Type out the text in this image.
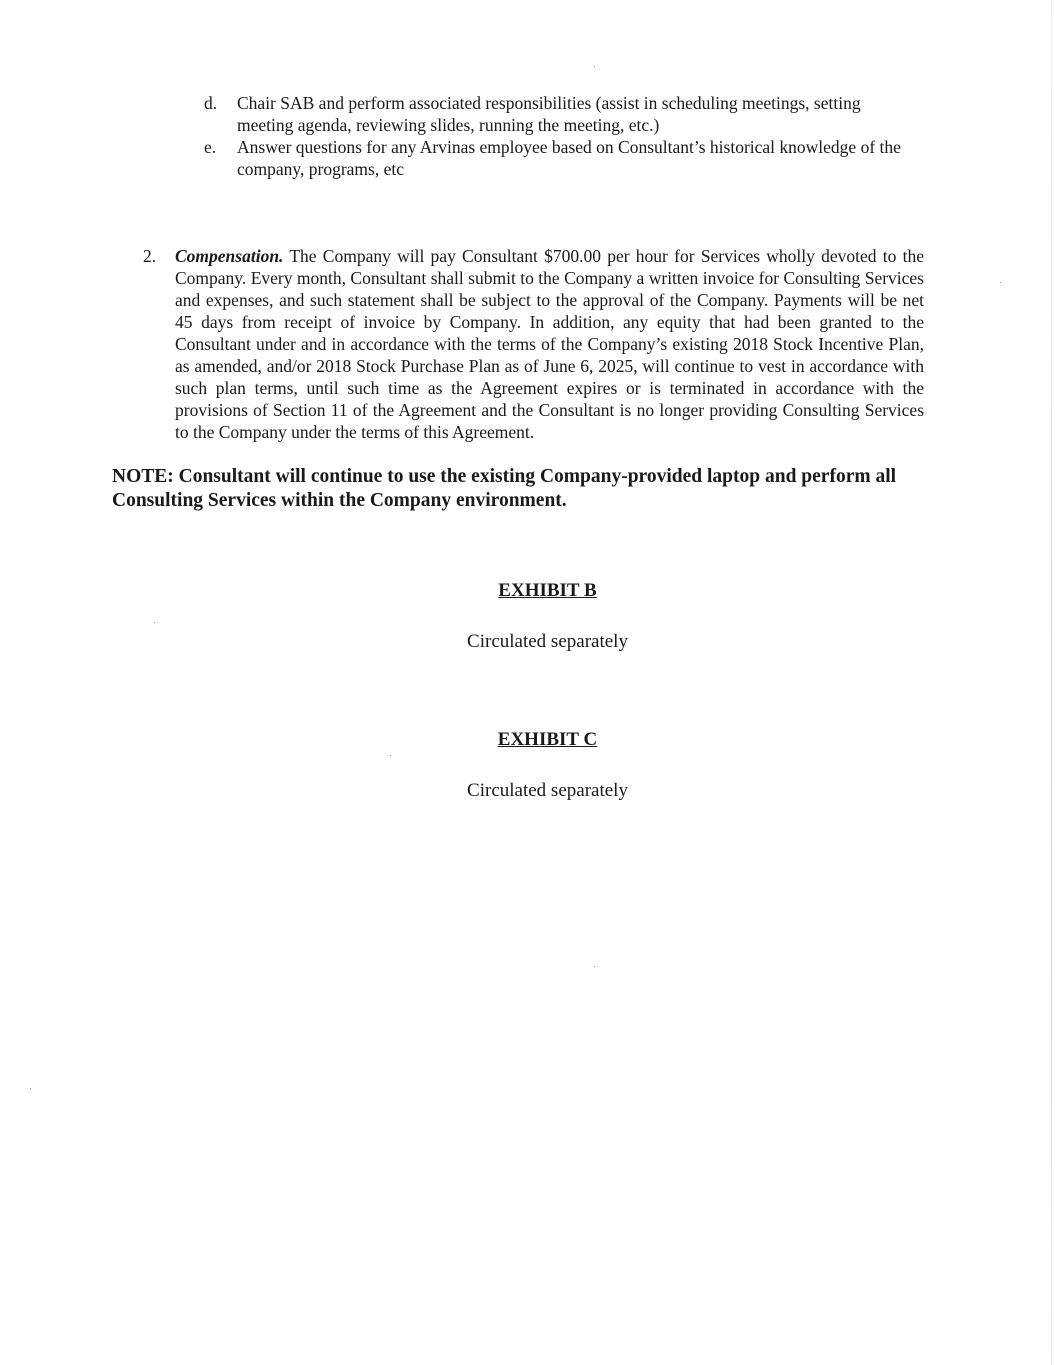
d. Chair SAB and perform associated responsibilities (assist in scheduling meetings, setting meeting agenda, reviewing slides, running the meeting, etc.)
e. Answer questions for any Arvinas employee based on Consultant’s historical knowledge of the company, programs, etc
2. Compensation. The Company will pay Consultant $700.00 per hour for Services wholly devoted to the Company. Every month, Consultant shall submit to the Company a written invoice for Consulting Services and expenses, and such statement shall be subject to the approval of the Company. Payments will be net 45 days from receipt of invoice by Company. In addition, any equity that had been granted to the Consultant under and in accordance with the terms of the Company’s existing 2018 Stock Incentive Plan, as amended, and/or 2018 Stock Purchase Plan as of June 6, 2025, will continue to vest in accordance with such plan terms, until such time as the Agreement expires or is terminated in accordance with the provisions of Section 11 of the Agreement and the Consultant is no longer providing Consulting Services to the Company under the terms of this Agreement.
NOTE: Consultant will continue to use the existing Company-provided laptop and perform all Consulting Services within the Company environment.
EXHIBIT B
Circulated separately
EXHIBIT C
Circulated separately
